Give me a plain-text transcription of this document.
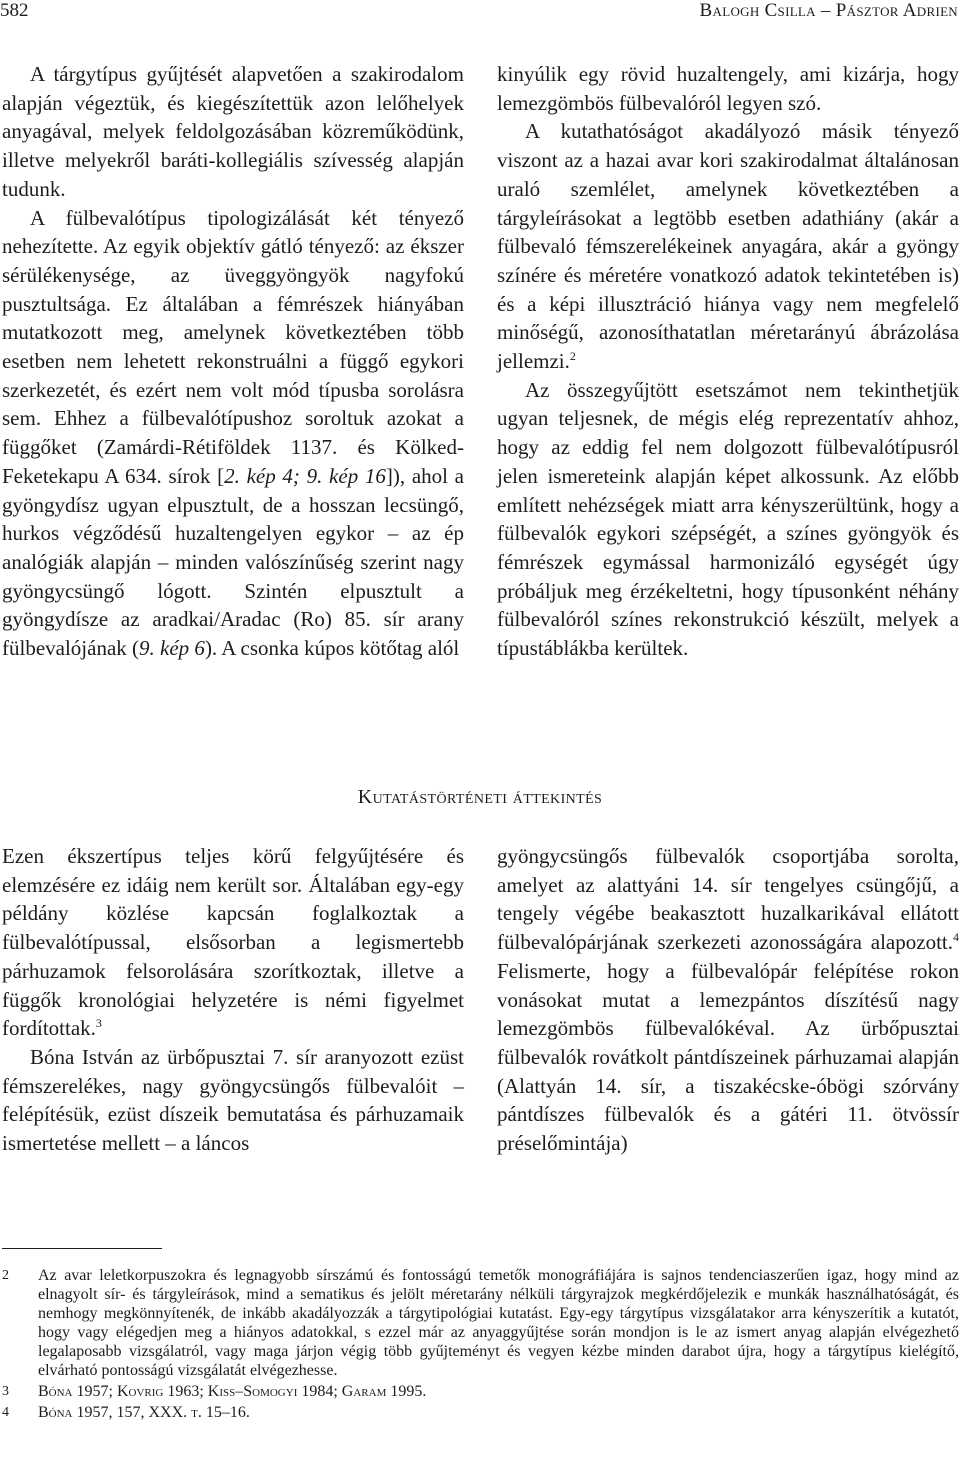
582	Balogh Csilla – Pásztor Adrien

A tárgytípus gyűjtését alapvetően a szakirodalom alapján végeztük, és kiegészítettük azon lelőhelyek anyagával, melyek feldolgozásában közreműködünk, illetve melyekről baráti-kollegiális szívesség alapján tudunk.

A fülbevalótípus tipologizálását két tényező nehezítette. Az egyik objektív gátló tényező: az ékszer sérülékenysége, az üveggyöngyök nagyfokú pusztultsága. Ez általában a fémrészek hiányában mutatkozott meg, amelynek következtében több esetben nem lehetett rekonstruálni a függő egykori szerkezetét, és ezért nem volt mód típusba sorolásra sem. Ehhez a fülbevalótípushoz soroltuk azokat a függőket (Zamárdi-Rétiföldek 1137. és Kölked-Feketekapu A 634. sírok [2. kép 4; 9. kép 16]), ahol a gyöngydísz ugyan elpusztult, de a hosszan lecsüngő, hurkos végződésű huzaltengelyen egykor – az ép analógiák alapján – minden valószínűség szerint nagy gyöngycsüngő lógott. Szintén elpusztult a gyöngydísze az aradkai/Aradac (Ro) 85. sír arany fülbevalójának (9. kép 6). A csonka kúpos kötőtag alól

kinyúlik egy rövid huzaltengely, ami kizárja, hogy lemezgömbös fülbevalóról legyen szó.

A kutathatóságot akadályozó másik tényező viszont az a hazai avar kori szakirodalmat általánosan uraló szemlélet, amelynek következtében a tárgyleírásokat a legtöbb esetben adathiány (akár a fülbevaló fémszerelékeinek anyagára, akár a gyöngy színére és méretére vonatkozó adatok tekintetében is) és a képi illusztráció hiánya vagy nem megfelelő minőségű, azonosíthatatlan méretarányú ábrázolása jellemzi.$^2$

Az összegyűjtött esetszámot nem tekinthetjük ugyan teljesnek, de mégis elég reprezentatív ahhoz, hogy az eddig fel nem dolgozott fülbevalótípusról jelen ismereteink alapján képet alkossunk. Az előbb említett nehézségek miatt arra kényszerültünk, hogy a fülbevalók egykori szépségét, a színes gyöngyök és fémrészek egymással harmonizáló egységét úgy próbáljuk meg érzékeltetni, hogy típusonként néhány fülbevalóról színes rekonstrukció készült, melyek a típustáblákba kerültek.

Kutatástörténeti áttekintés

Ezen ékszertípus teljes körű felgyűjtésére és elemzésére ez idáig nem került sor. Általában egy-egy példány közlése kapcsán foglalkoztak a fülbevalótípussal, elsősorban a legismertebb párhuzamok felsorolására szorítkoztak, illetve a függők kronológiai helyzetére is némi figyelmet fordítottak.$^3$

Bóna István az ürbőpusztai 7. sír aranyozott ezüst fémszerelékes, nagy gyöngycsüngős fülbevalóit – felépítésük, ezüst díszeik bemutatása és párhuzamaik ismertetése mellett – a láncos

gyöngycsüngős fülbevalók csoportjába sorolta, amelyet az alattyáni 14. sír tengelyes csüngőjű, a tengely végébe beakasztott huzalkarikával ellátott fülbevalópárjának szerkezeti azonosságára alapozott.$^4$ Felismerte, hogy a fülbevalópár felépítése rokon vonásokat mutat a lemezpántos díszítésű nagy lemezgömbös fülbevalókéval. Az ürbőpusztai fülbevalók rovátkolt pántdíszeinek párhuzamai alapján (Alattyán 14. sír, a tiszakécske-óbögi szórvány pántdíszes fülbevalók és a gátéri 11. ötvössír préselőmintája)

2 Az avar leletkorpuszokra és legnagyobb sírszámú és fontosságú temetők monográfiájára is sajnos tendenciaszerűen igaz, hogy mind az elnagyolt sír- és tárgyleírások, mind a sematikus és jelölt méretarány nélküli tárgyrajzok megkérdőjelezik e munkák használhatóságát, és nemhogy megkönnyítenék, de inkább akadályozzák a tárgytipológiai kutatást. Egy-egy tárgytípus vizsgálatakor arra kényszerítik a kutatót, hogy vagy elégedjen meg a hiányos adatokkal, s ezzel már az anyaggyűjtése során mondjon is le az ismert anyag alapján elvégezhető legalaposabb vizsgálatról, vagy maga járjon végig több gyűjteményt és vegyen kézbe minden darabot újra, hogy a tárgytípus kielégítő, elvárható pontosságú vizsgálatát elvégezhesse.
3 Bóna 1957; Kovrig 1963; Kiss–Somogyi 1984; Garam 1995.
4 Bóna 1957, 157, XXX. t. 15–16.
